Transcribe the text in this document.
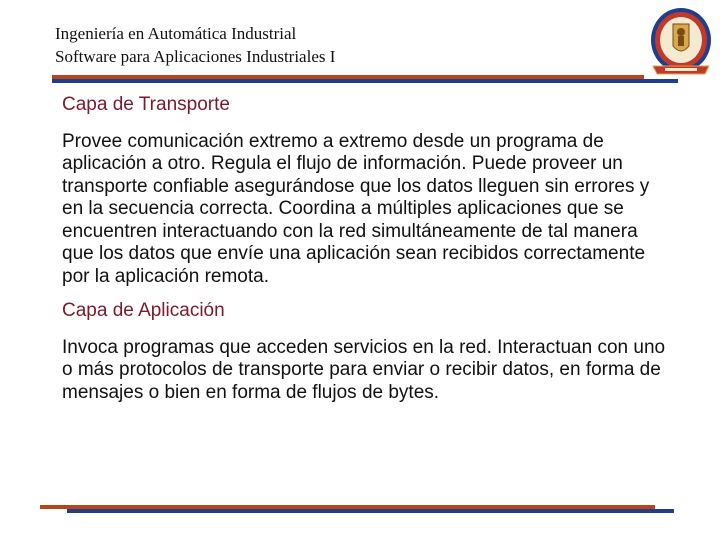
Ingeniería en Automática Industrial
Software para Aplicaciones Industriales I
Capa de Transporte
Provee comunicación extremo a extremo desde un programa de aplicación a otro. Regula el flujo de información. Puede proveer un transporte confiable asegurándose que los datos lleguen sin errores y en la secuencia correcta. Coordina a múltiples aplicaciones que se encuentren interactuando con la red simultáneamente de tal manera que los datos que envíe una aplicación sean recibidos correctamente por la aplicación remota.
Capa de Aplicación
Invoca programas que acceden servicios en la red. Interactuan con uno o más protocolos de transporte para enviar o recibir datos, en forma de mensajes o bien en forma de flujos de bytes.
